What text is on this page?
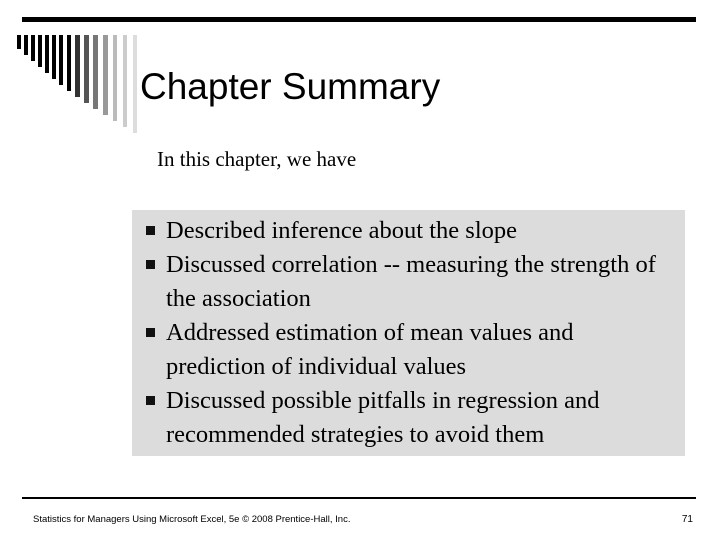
Chapter Summary
In this chapter, we have
Described inference about the slope
Discussed correlation -- measuring the strength of the association
Addressed estimation of mean values and prediction of individual values
Discussed possible pitfalls in regression and recommended strategies to avoid them
Statistics for Managers Using Microsoft Excel, 5e © 2008 Prentice-Hall, Inc.	71
